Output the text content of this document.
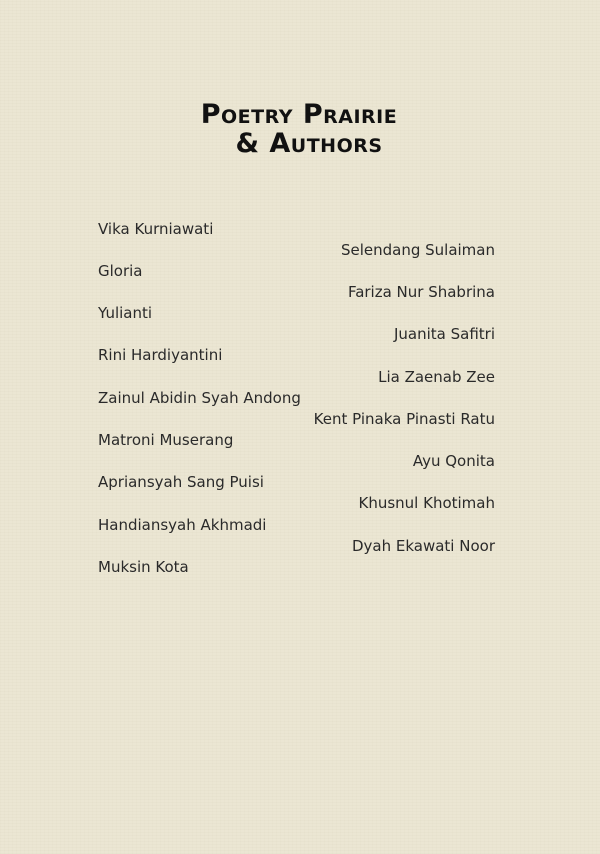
Poetry Prairie
& Authors
Vika Kurniawati
Gloria
Yulianti
Rini Hardiyantini
Zainul Abidin Syah Andong
Matroni Muserang
Apriansyah Sang Puisi
Handiansyah Akhmadi
Muksin Kota
Selendang Sulaiman
Fariza Nur Shabrina
Juanita Safitri
Lia Zaenab Zee
Kent Pinaka Pinasti Ratu
Ayu Qonita
Khusnul Khotimah
Dyah Ekawati Noor
